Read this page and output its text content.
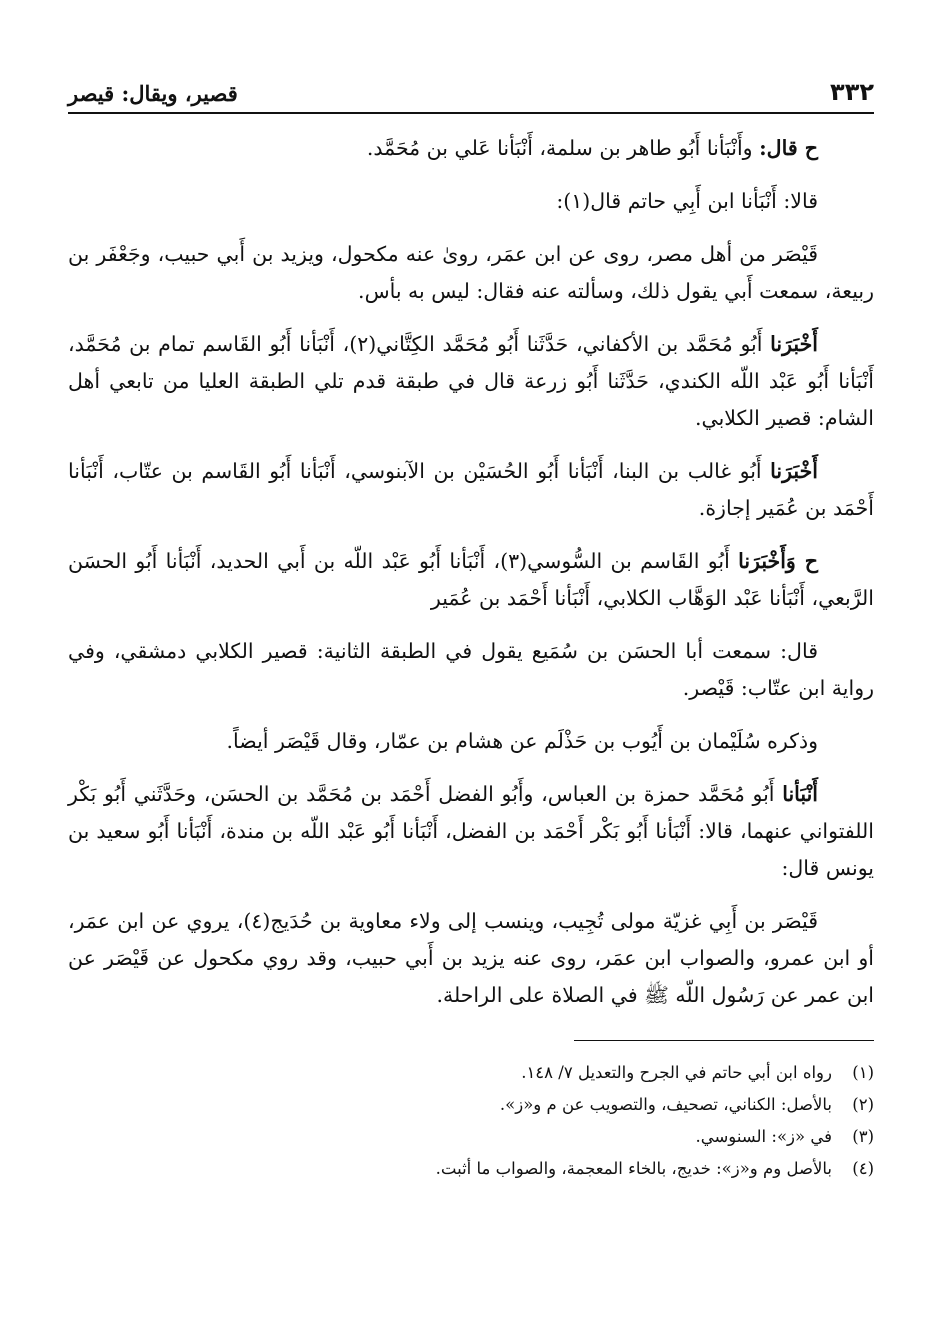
٣٣٢
قصير، ويقال: قيصر

ح قال: وأَنْبَأنا أَبُو طاهر بن سلمة، أَنْبَأنا عَلي بن مُحَمَّد.

قالا: أَنْبَأنا ابن أَبِي حاتم قال(١):

قَيْصَر من أهل مصر، روى عن ابن عمَر، روىٰ عنه مكحول، ويزيد بن أَبي حبيب، وجَعْفَر بن ربيعة، سمعت أَبي يقول ذلك، وسألته عنه فقال: ليس به بأس.

أَخْبَرَنا أَبُو مُحَمَّد بن الأكفاني، حَدَّثَنا أَبُو مُحَمَّد الكِتَّاني(٢)، أَنْبَأنا أَبُو القَاسم تمام بن مُحَمَّد، أَنْبَأنا أَبُو عَبْد اللّه الكندي، حَدَّثَنا أَبُو زرعة قال في طبقة قدم تلي الطبقة العليا من تابعي أهل الشام: قصير الكلابي.

أَخْبَرَنا أَبُو غالب بن البنا، أَنْبَأنا أَبُو الحُسَيْن بن الآبنوسي، أَنْبَأنا أَبُو القَاسم بن عتّاب، أَنْبَأنا أَحْمَد بن عُمَير إجازة.

ح وَأَخْبَرَنا أَبُو القَاسم بن السُّوسي(٣)، أَنْبَأنا أَبُو عَبْد اللّه بن أَبي الحديد، أَنْبَأنا أَبُو الحسَن الرَّبعي، أَنْبَأنا عَبْد الوَهَّاب الكلابي، أَنْبَأنا أَحْمَد بن عُمَير

قال: سمعت أبا الحسَن بن سُمَيع يقول في الطبقة الثانية: قصير الكلابي دمشقي، وفي رواية ابن عتّاب: قَيْصر.

وذكره سُلَيْمان بن أَيُوب بن حَذْلَم عن هشام بن عمّار، وقال قَيْصَر أيضاً.

أَنْبَأنا أَبُو مُحَمَّد حمزة بن العباس، وأَبُو الفضل أَحْمَد بن مُحَمَّد بن الحسَن، وحَدَّثَني أَبُو بَكْر اللفتواني عنهما، قالا: أَنْبَأنا أَبُو بَكْر أَحْمَد بن الفضل، أَنْبَأنا أَبُو عَبْد اللّه بن مندة، أَنْبَأنا أَبُو سعيد بن يونس قال:

قَيْصَر بن أَبِي غزيّة مولى تُجِيب، وينسب إلى ولاء معاوية بن حُدَيج(٤)، يروي عن ابن عمَر، أو ابن عمرو، والصواب ابن عمَر، روى عنه يزيد بن أَبي حبيب، وقد روي مكحول عن قَيْصَر عن ابن عمر عن رَسُول اللّه ﷺ في الصلاة على الراحلة.

(١)
رواه ابن أبي حاتم في الجرح والتعديل ٧/ ١٤٨.
(٢)
بالأصل: الكناني، تصحيف، والتصويب عن م و«ز».
(٣)
في «ز»: السنوسي.
(٤)
بالأصل وم و«ز»: خديج، بالخاء المعجمة، والصواب ما أثبت.
